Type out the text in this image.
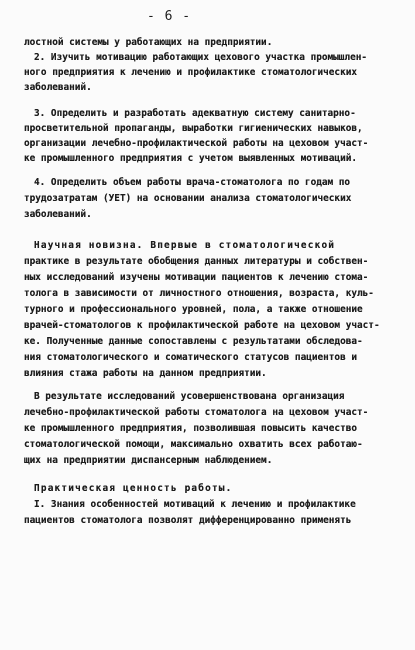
- 6 -
лостной системы у работающих на предприятии.
2. Изучить мотивацию работающих цехового участка промышлен-
ного предприятия к лечению и профилактике стоматологических
заболеваний.
3. Определить и разработать адекватную систему санитарно-
просветительной пропаганды, выработки гигиенических навыков,
организации лечебно-профилактической работы на цеховом участ-
ке промышленного предприятия с учетом выявленных мотиваций.
4. Определить объем работы врача-стоматолога по годам по
трудозатратам (УЕТ) на основании анализа стоматологических
заболеваний.
Научная новизна. Впервые в стоматологической
практике в результате обобщения данных литературы и собствен-
ных исследований изучены мотивации пациентов к лечению стома-
толога в зависимости от личностного отношения, возраста, куль-
турного и профессионального уровней, пола, а также отношение
врачей-стоматологов к профилактической работе на цеховом участ-
ке. Полученные данные сопоставлены с результатами обследова-
ния стоматологического и соматического статусов пациентов и
влияния стажа работы на данном предприятии.
В результате исследований усовершенствована организация
лечебно-профилактической работы стоматолога на цеховом участ-
ке промышленного предприятия, позволившая повысить качество
стоматологической помощи, максимально охватить всех работаю-
щих на предприятии диспансерным наблюдением.
Практическая ценность работы.
I. Знания особенностей мотиваций к лечению и профилактике
пациентов стоматолога позволят дифференцированно применять
